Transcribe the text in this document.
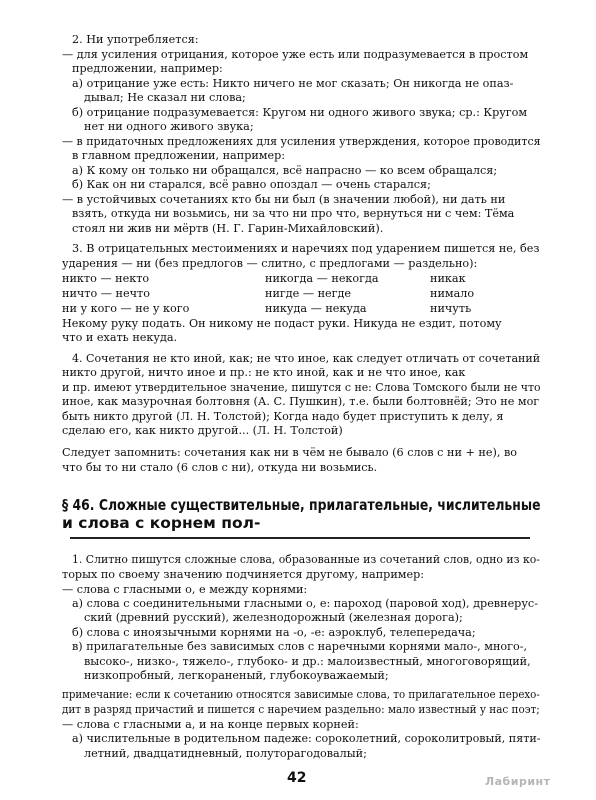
2. Ни употребляется:
— для усиления отрицания, которое уже есть или подразумевается в простом
предложении, например:
а) отрицание уже есть: Никто ничего не мог сказать; Он никогда не опаз-
дывал; Не сказал ни слова;
б) отрицание подразумевается: Кругом ни одного живого звука; ср.: Кругом
нет ни одного живого звука;
— в придаточных предложениях для усиления утверждения, которое проводится
в главном предложении, например:
а) К кому он только ни обращался, всё напрасно — ко всем обращался;
б) Как он ни старался, всё равно опоздал — очень старался;
— в устойчивых сочетаниях кто бы ни был (в значении любой), ни дать ни
взять, откуда ни возьмись, ни за что ни про что, вернуться ни с чем: Тёма
стоял ни жив ни мёртв (Н. Г. Гарин-Михайловский).
3. В отрицательных местоимениях и наречиях под ударением пишется не, без
ударения — ни (без предлогов — слитно, с предлогами — раздельно):
никто — некто	никогда — некогда	никак
ничто — нечто	нигде — негде	нимало
ни у кого — не у кого	никуда — некуда	ничуть
Некому руку подать. Он никому не подаст руки. Никуда не ездит, потому
что и ехать некуда.
4. Сочетания не кто иной, как; не что иное, как следует отличать от сочетаний
никто другой, ничто иное и пр.: не кто иной, как и не что иное, как
и пр. имеют утвердительное значение, пишутся с не: Слова Томского были не что
иное, как мазурочная болтовня (А. С. Пушкин), т.е. были болтовнёй; Это не мог
быть никто другой (Л. Н. Толстой); Когда надо будет приступить к делу, я
сделаю его, как никто другой... (Л. Н. Толстой)
Следует запомнить: сочетания как ни в чём не бывало (6 слов с ни + не), во
что бы то ни стало (6 слов с ни), откуда ни возьмись.
§ 46. Сложные существительные, прилагательные, числительные
и слова с корнем пол-
1. Слитно пишутся сложные слова, образованные из сочетаний слов, одно из ко-
торых по своему значению подчиняется другому, например:
— слова с гласными о, е между корнями:
а) слова с соединительными гласными о, е: пароход (паровой ход), древнерус-
ский (древний русский), железнодорожный (железная дорога);
б) слова с иноязычными корнями на -о, -е: аэроклуб, телепередача;
в) прилагательные без зависимых слов с наречными корнями мало-, много-,
высоко-, низко-, тяжело-, глубоко- и др.: малоизвестный, многоговорящий,
низкопробный, легкораненый, глубокоуважаемый;
примечание: если к сочетанию относятся зависимые слова, то прилагательное перехо-
дит в разряд причастий и пишется с наречием раздельно: мало известный у нас поэт;
— слова с гласными а, и на конце первых корней:
а) числительные в родительном падеже: сороколетний, сороколитровый, пяти-
летний, двадцатидневный, полуторагодовалый;
42	Лабиринт
